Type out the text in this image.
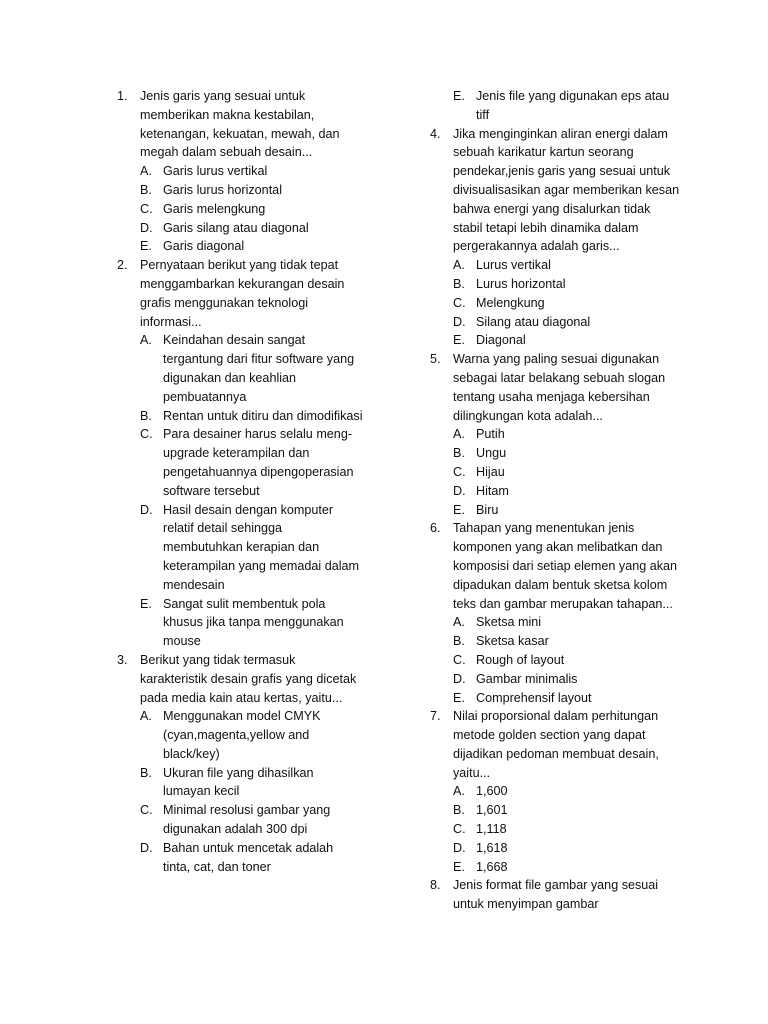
1. Jenis garis yang sesuai untuk memberikan makna kestabilan, ketenangan, kekuatan, mewah, dan megah dalam sebuah desain...
A. Garis lurus vertikal
B. Garis lurus horizontal
C. Garis melengkung
D. Garis silang atau diagonal
E. Garis diagonal
2. Pernyataan berikut yang tidak tepat menggambarkan kekurangan desain grafis menggunakan teknologi informasi...
A. Keindahan desain sangat tergantung dari fitur software yang digunakan dan keahlian pembuatannya
B. Rentan untuk ditiru dan dimodifikasi
C. Para desainer harus selalu meng-upgrade keterampilan dan pengetahuannya dipengoperasian software tersebut
D. Hasil desain dengan komputer relatif detail sehingga membutuhkan kerapian dan keterampilan yang memadai dalam mendesain
E. Sangat sulit membentuk pola khusus jika tanpa menggunakan mouse
3. Berikut yang tidak termasuk karakteristik desain grafis yang dicetak pada media kain atau kertas, yaitu...
A. Menggunakan model CMYK (cyan,magenta,yellow and black/key)
B. Ukuran file yang dihasilkan lumayan kecil
C. Minimal resolusi gambar yang digunakan adalah 300 dpi
D. Bahan untuk mencetak adalah tinta, cat, dan toner
E. Jenis file yang digunakan eps atau tiff
4. Jika menginginkan aliran energi dalam sebuah karikatur kartun seorang pendekar,jenis garis yang sesuai untuk divisualisasikan agar memberikan kesan bahwa energi yang disalurkan tidak stabil tetapi lebih dinamika dalam pergerakannya adalah garis...
A. Lurus vertikal
B. Lurus horizontal
C. Melengkung
D. Silang atau diagonal
E. Diagonal
5. Warna yang paling sesuai digunakan sebagai latar belakang sebuah slogan tentang usaha menjaga kebersihan dilingkungan kota adalah...
A. Putih
B. Ungu
C. Hijau
D. Hitam
E. Biru
6. Tahapan yang menentukan jenis komponen yang akan melibatkan dan komposisi dari setiap elemen yang akan dipadukan dalam bentuk sketsa kolom teks dan gambar merupakan tahapan...
A. Sketsa mini
B. Sketsa kasar
C. Rough of layout
D. Gambar minimalis
E. Comprehensif layout
7. Nilai proporsional dalam perhitungan metode golden section yang dapat dijadikan pedoman membuat desain, yaitu...
A. 1,600
B. 1,601
C. 1,118
D. 1,618
E. 1,668
8. Jenis format file gambar yang sesuai untuk menyimpan gambar
